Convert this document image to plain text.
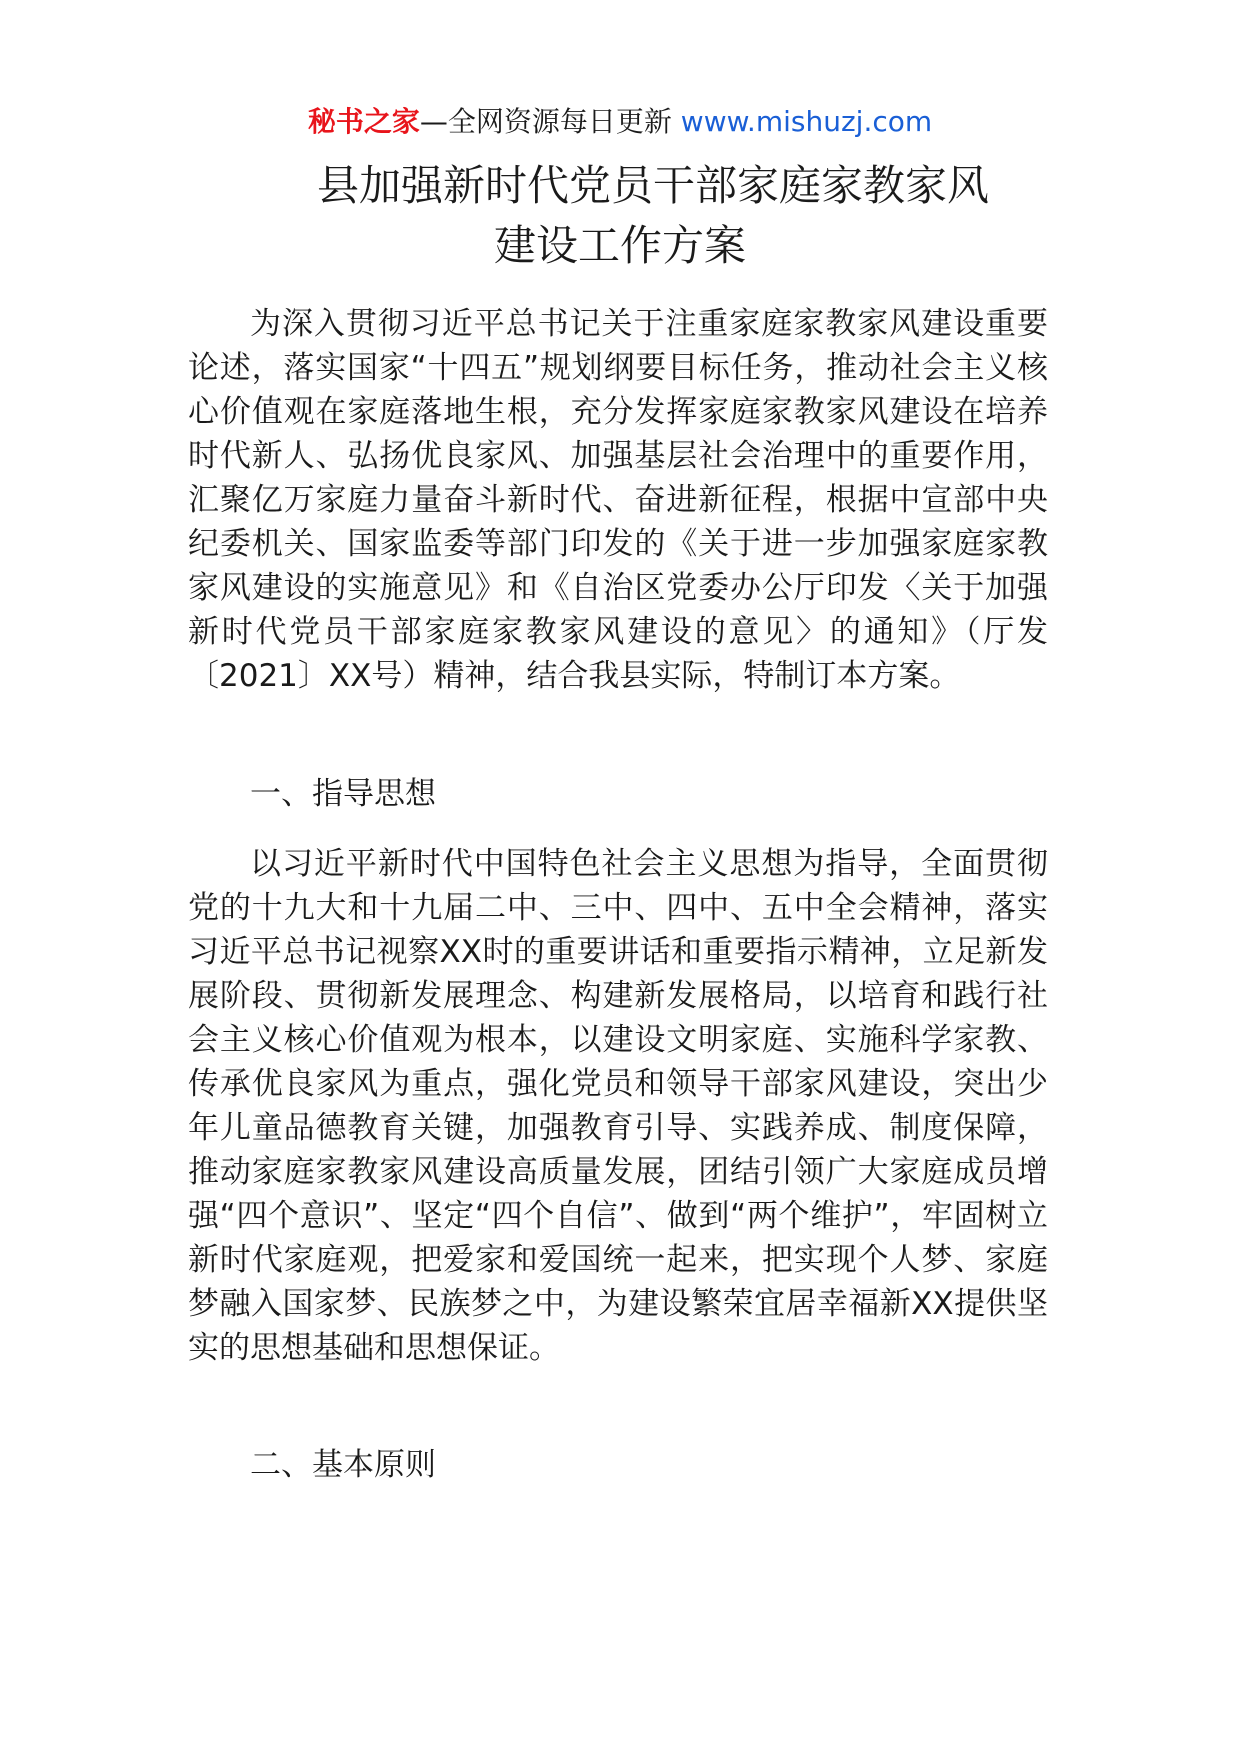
秘书之家—全网资源每日更新 www.mishuzj.com
县加强新时代党员干部家庭家教家风
建设工作方案

为深入贯彻习近平总书记关于注重家庭家教家风建设重要论述，落实国家“十四五”规划纲要目标任务，推动社会主义核心价值观在家庭落地生根，充分发挥家庭家教家风建设在培养时代新人、弘扬优良家风、加强基层社会治理中的重要作用，汇聚亿万家庭力量奋斗新时代、奋进新征程，根据中宣部中央纪委机关、国家监委等部门印发的《关于进一步加强家庭家教家风建设的实施意见》和《自治区党委办公厅印发〈关于加强新时代党员干部家庭家教家风建设的意见〉的通知》（厅发〔2021〕XX号）精神，结合我县实际，特制订本方案。

一、指导思想

以习近平新时代中国特色社会主义思想为指导，全面贯彻党的十九大和十九届二中、三中、四中、五中全会精神，落实习近平总书记视察XX时的重要讲话和重要指示精神，立足新发展阶段、贯彻新发展理念、构建新发展格局，以培育和践行社会主义核心价值观为根本，以建设文明家庭、实施科学家教、传承优良家风为重点，强化党员和领导干部家风建设，突出少年儿童品德教育关键，加强教育引导、实践养成、制度保障，推动家庭家教家风建设高质量发展，团结引领广大家庭成员增强“四个意识”、坚定“四个自信”、做到“两个维护”，牢固树立新时代家庭观，把爱家和爱国统一起来，把实现个人梦、家庭梦融入国家梦、民族梦之中，为建设繁荣宜居幸福新XX提供坚实的思想基础和思想保证。

二、基本原则
